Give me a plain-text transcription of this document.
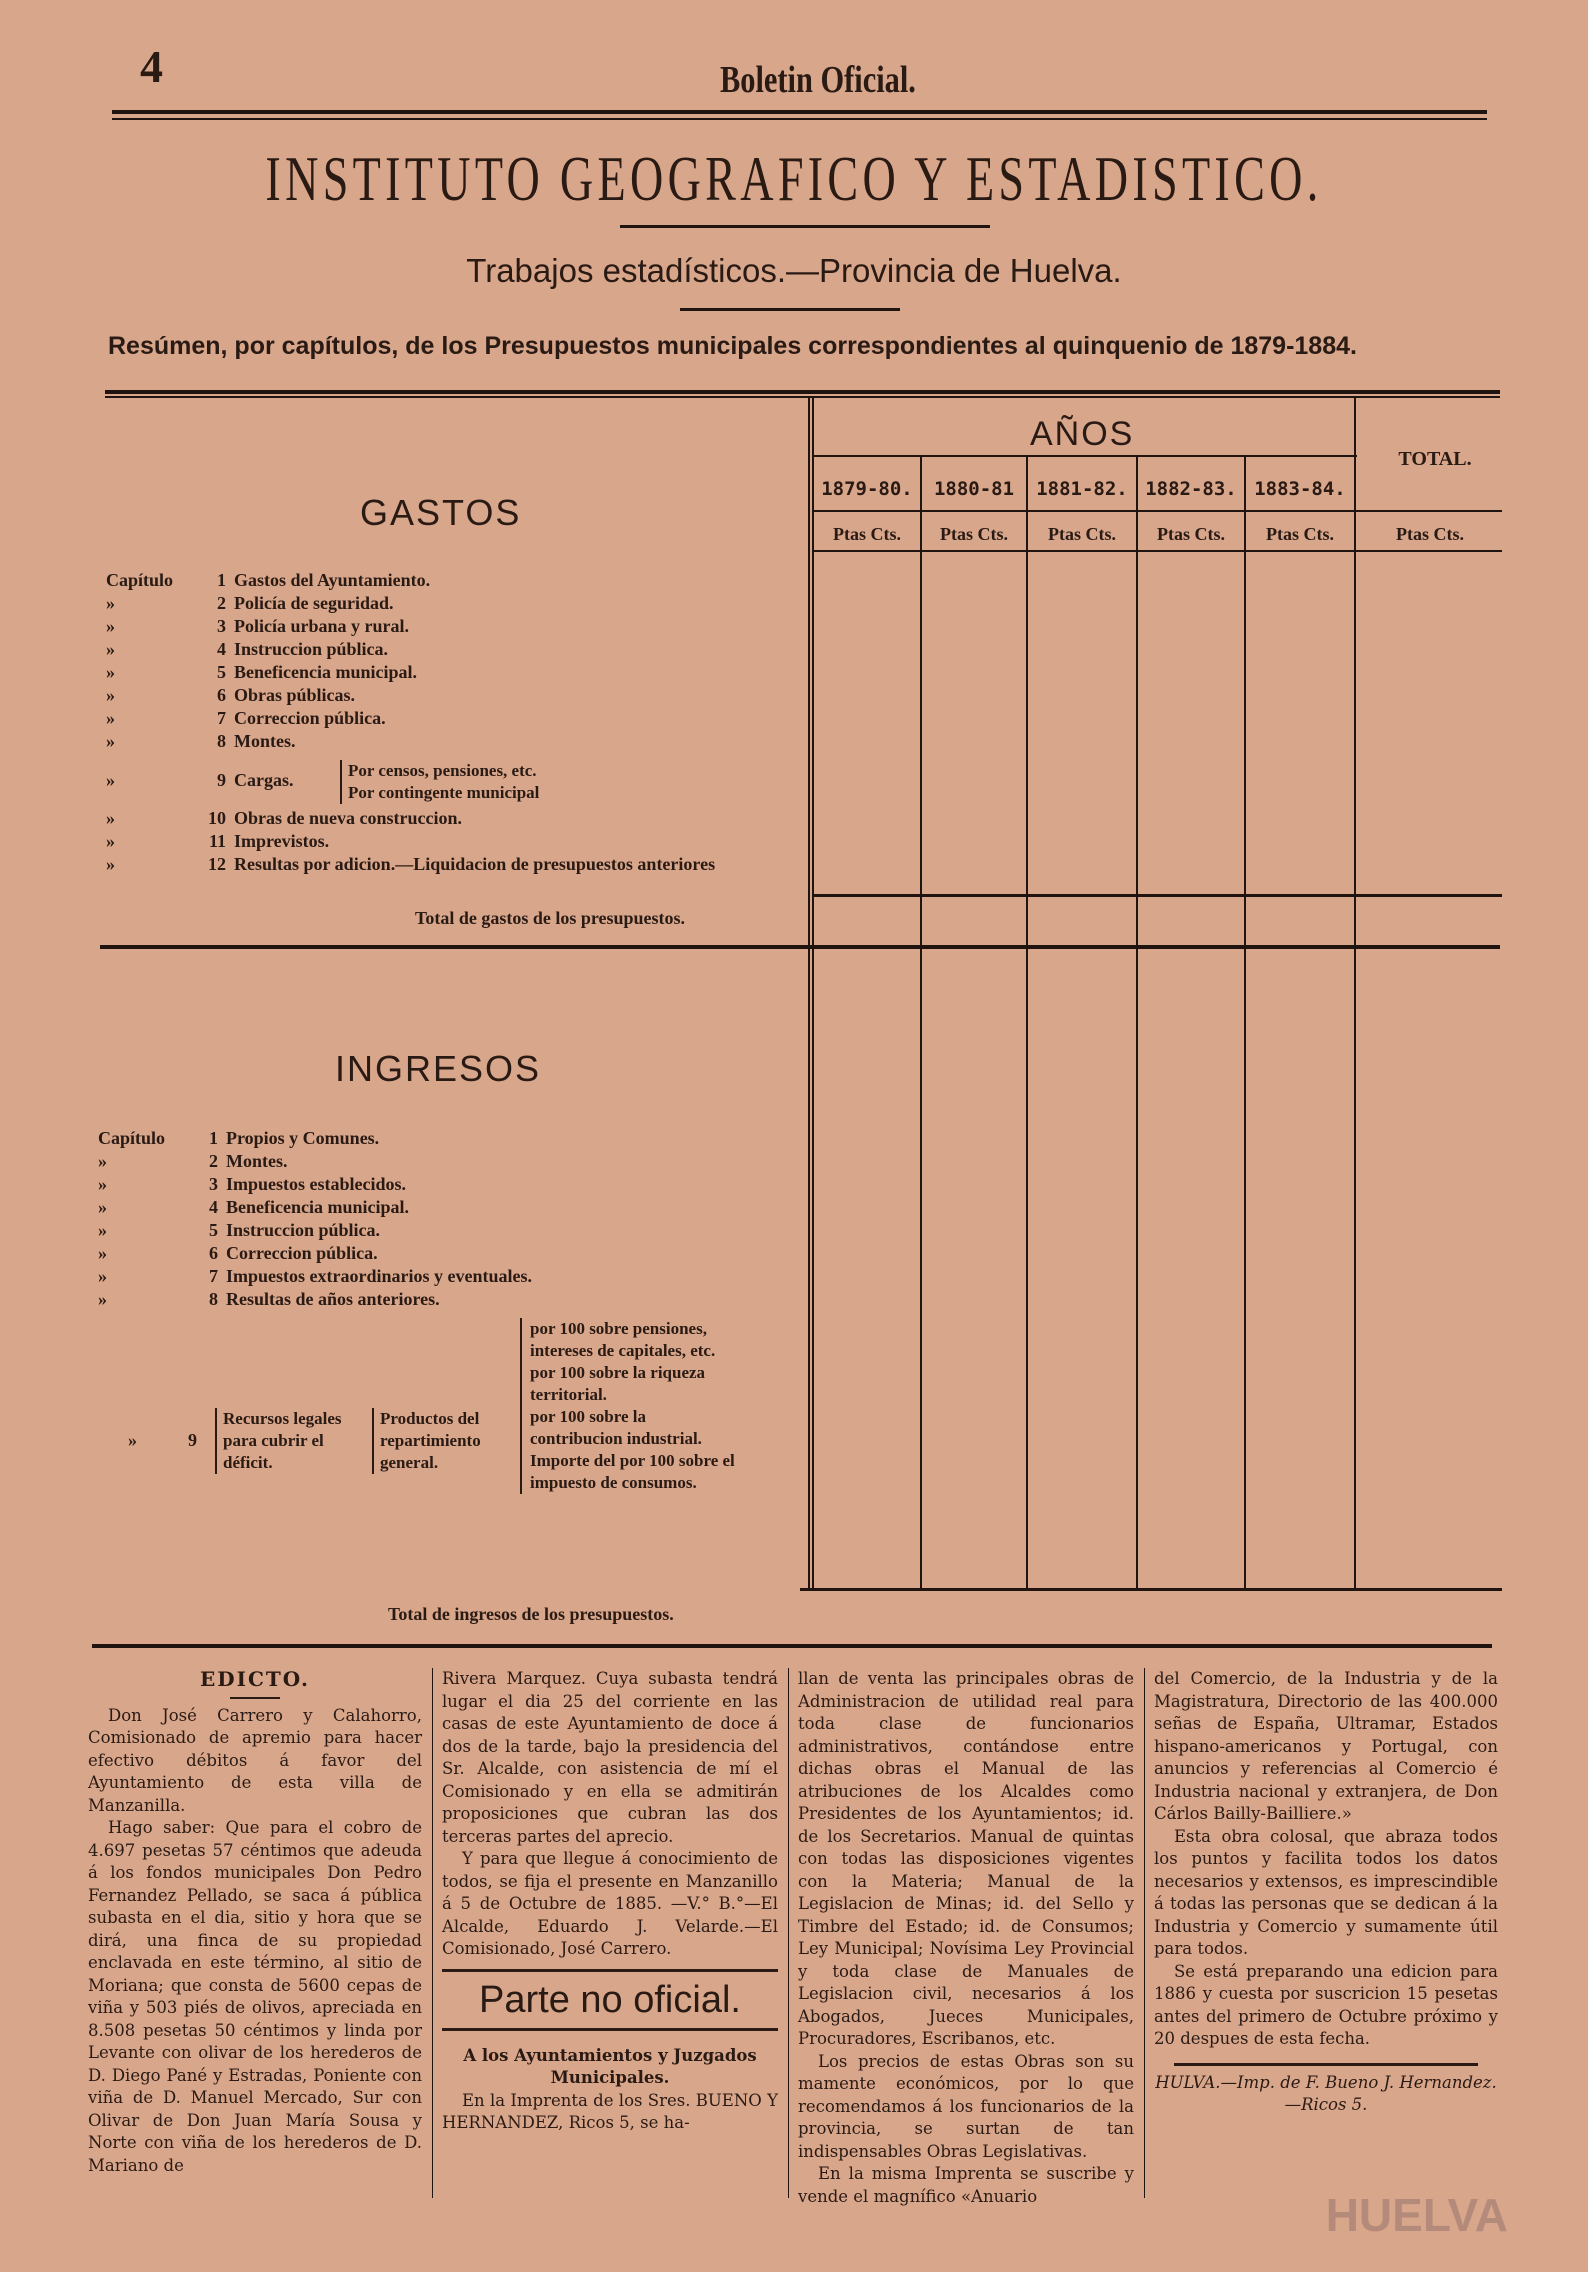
4	Boletin Oficial.
INSTITUTO GEOGRAFICO Y ESTADISTICO.
Trabajos estadísticos.—Provincia de Huelva.
Resúmen, por capítulos, de los Presupuestos municipales correspondientes al quinquenio de 1879-1884.
AÑOS
TOTAL.
1879-80.	1880-81	1881-82. 1882-83. 1883-84.
Ptas Cts.	Ptas Cts.	Ptas Cts.	Ptas Cts.	Ptas Cts.	Ptas Cts.
GASTOS
Capítulo 1 Gastos del Ayuntamiento.
»	2 Policía de seguridad.
»	3 Policía urbana y rural.
»	4 Instruccion pública.
»	5 Beneficencia municipal.
»	6 Obras públicas.
»	7 Correccion pública.
»	8 Montes.
»	9 Cargas.	Por censos, pensiones, etc.
Por contingente municipal
»	10 Obras de nueva construccion.
»	11 Imprevistos.
»	12 Resultas por adicion.—Liquidacion de presupuestos anteriores
Total de gastos de los presupuestos.
INGRESOS
Capítulo 1 Propios y Comunes.
»	2 Montes.
»	3 Impuestos establecidos.
»	4 Beneficencia municipal.
»	5 Instruccion pública.
»	6 Correccion pública.
»	7 Impuestos extraordinarios y eventuales.
»	8 Resultas de años anteriores.
»	9
Recursos legales para cubrir el déficit.
Productos del repartimiento general.
por 100 sobre pensiones, intereses de capitales, etc.
por 100 sobre la riqueza territorial.
por 100 sobre la contribucion industrial.
Importe del por 100 sobre el impuesto de consumos.
Total de ingresos de los presupuestos.
EDICTO.

Don José Carrero y Calahorro, Comisionado de apremio para hacer efectivo débitos á favor del Ayuntamiento de esta villa de Manzanilla.

Hago saber: Que para el cobro de 4.697 pesetas 57 céntimos que adeuda á los fondos municipales Don Pedro Fernandez Pellado, se saca á pública subasta en el dia, sitio y hora que se dirá, una finca de su propiedad enclavada en este término, al sitio de Moriana; que consta de 5600 cepas de viña y 503 piés de olivos, apreciada en 8.508 pesetas 50 céntimos y linda por Levante con olivar de los herederos de D. Diego Pané y Estradas, Poniente con viña de D. Manuel Mercado, Sur con Olivar de Don Juan María Sousa y Norte con viña de los herederos de D. Mariano de

Rivera Marquez. Cuya subasta tendrá lugar el dia 25 del corriente en las casas de este Ayuntamiento de doce á dos de la tarde, bajo la presidencia del Sr. Alcalde, con asistencia de mí el Comisionado y en ella se admitirán proposiciones que cubran las dos terceras partes del aprecio.

Y para que llegue á conocimiento de todos, se fija el presente en Manzanillo á 5 de Octubre de 1885. —V.° B.°—El Alcalde, Eduardo J. Velarde.—El Comisionado, José Carrero.

Parte no oficial.
A los Ayuntamientos y Juzgados Municipales.

En la Imprenta de los Sres. BUENO Y HERNANDEZ, Ricos 5, se ha-

llan de venta las principales obras de Administracion de utilidad real para toda clase de funcionarios administrativos, contándose entre dichas obras el Manual de las atribuciones de los Alcaldes como Presidentes de los Ayuntamientos; id. de los Secretarios. Manual de quintas con todas las disposiciones vigentes con la Materia; Manual de la Legislacion de Minas; id. del Sello y Timbre del Estado; id. de Consumos; Ley Municipal; Novísima Ley Provincial y toda clase de Manuales de Legislacion civil, necesarios á los Abogados, Jueces Municipales, Procuradores, Escribanos, etc.

Los precios de estas Obras son su mamente económicos, por lo que recomendamos á los funcionarios de la provincia, se surtan de tan indispensables Obras Legislativas.

En la misma Imprenta se suscribe y vende el magnífico «Anuario

del Comercio, de la Industria y de la Magistratura, Directorio de las 400.000 señas de España, Ultramar, Estados hispano-americanos y Portugal, con anuncios y referencias al Comercio é Industria nacional y extranjera, de Don Cárlos Bailly-Bailliere.»

Esta obra colosal, que abraza todos los puntos y facilita todos los datos necesarios y extensos, es imprescindible á todas las personas que se dedican á la Industria y Comercio y sumamente útil para todos.

Se está preparando una edicion para 1886 y cuesta por suscricion 15 pesetas antes del primero de Octubre próximo y 20 despues de esta fecha.

HULVA.—Imp. de F. Bueno J. Hernandez.—Ricos 5.
HUELVA
